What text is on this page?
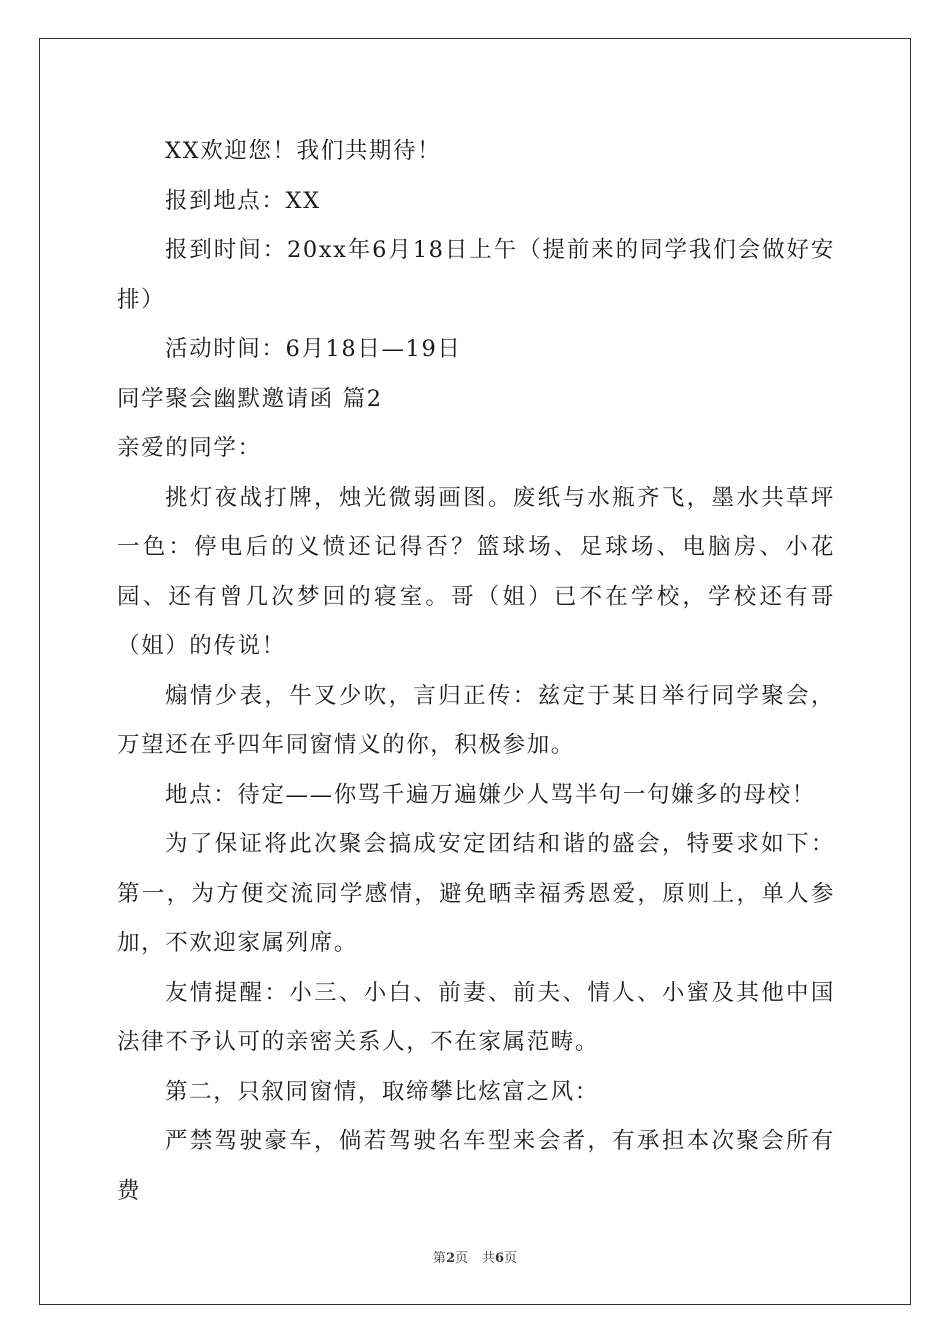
XX欢迎您！我们共期待！

报到地点：XX

报到时间：20xx年6月18日上午（提前来的同学我们会做好安排）

活动时间：6月18日—19日

同学聚会幽默邀请函 篇2

亲爱的同学：

挑灯夜战打牌，烛光微弱画图。废纸与水瓶齐飞，墨水共草坪一色：停电后的义愤还记得否？篮球场、足球场、电脑房、小花园、还有曾几次梦回的寝室。哥（姐）已不在学校，学校还有哥（姐）的传说！

煽情少表，牛叉少吹，言归正传：兹定于某日举行同学聚会，万望还在乎四年同窗情义的你，积极参加。

地点：待定——你骂千遍万遍嫌少人骂半句一句嫌多的母校！

为了保证将此次聚会搞成安定团结和谐的盛会，特要求如下：第一，为方便交流同学感情，避免晒幸福秀恩爱，原则上，单人参加，不欢迎家属列席。

友情提醒：小三、小白、前妻、前夫、情人、小蜜及其他中国法律不予认可的亲密关系人，不在家属范畴。

第二，只叙同窗情，取缔攀比炫富之风：

严禁驾驶豪车，倘若驾驶名车型来会者，有承担本次聚会所有费

第2页 共6页
